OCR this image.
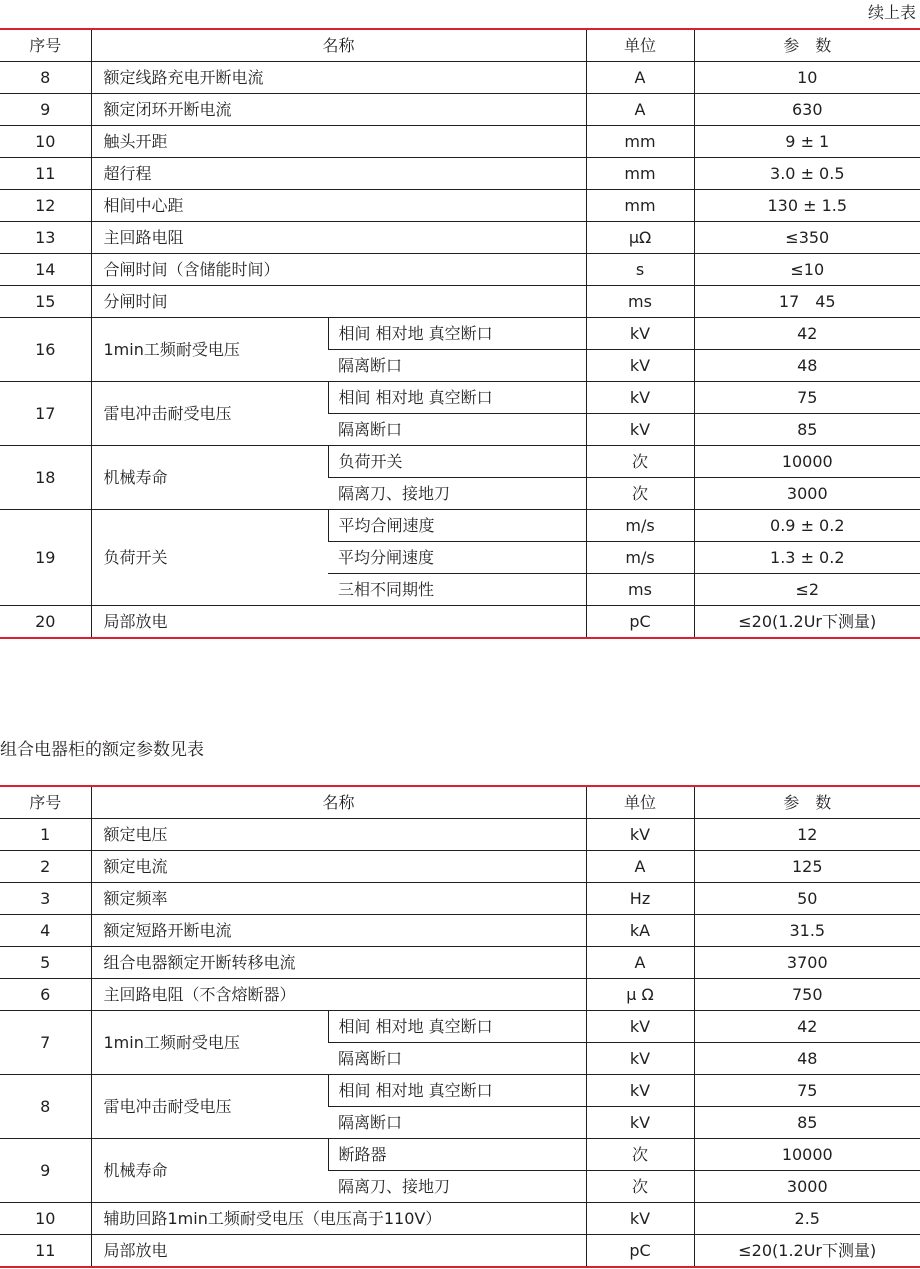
续上表
序号	名称		单位	参　数
8	额定线路充电开断电流		A	10
9	额定闭环开断电流		A	630
10	触头开距		mm	9 ± 1
11	超行程		mm	3.0 ± 0.5
12	相间中心距		mm	130 ± 1.5
13	主回路电阻		μΩ	≤350
14	合闸时间（含储能时间）		s	≤10
15	分闸时间		ms	17　45
16	1min工频耐受电压	相间 相对地 真空断口	kV	42
		隔离断口	kV	48
17	雷电冲击耐受电压	相间 相对地 真空断口	kV	75
		隔离断口	kV	85
18	机械寿命	负荷开关	次	10000
		隔离刀、接地刀	次	3000
19	负荷开关	平均合闸速度	m/s	0.9 ± 0.2
		平均分闸速度	m/s	1.3 ± 0.2
		三相不同期性	ms	≤2
20	局部放电		pC	≤20(1.2Ur下测量)
组合电器柜的额定参数见表
序号	名称		单位	参　数
1	额定电压		kV	12
2	额定电流		A	125
3	额定频率		Hz	50
4	额定短路开断电流		kA	31.5
5	组合电器额定开断转移电流		A	3700
6	主回路电阻（不含熔断器）		μ Ω	750
7	1min工频耐受电压	相间 相对地 真空断口	kV	42
		隔离断口	kV	48
8	雷电冲击耐受电压	相间 相对地 真空断口	kV	75
		隔离断口	kV	85
9	机械寿命	断路器	次	10000
		隔离刀、接地刀	次	3000
10	辅助回路1min工频耐受电压（电压高于110V）		kV	2.5
11	局部放电		pC	≤20(1.2Ur下测量)
